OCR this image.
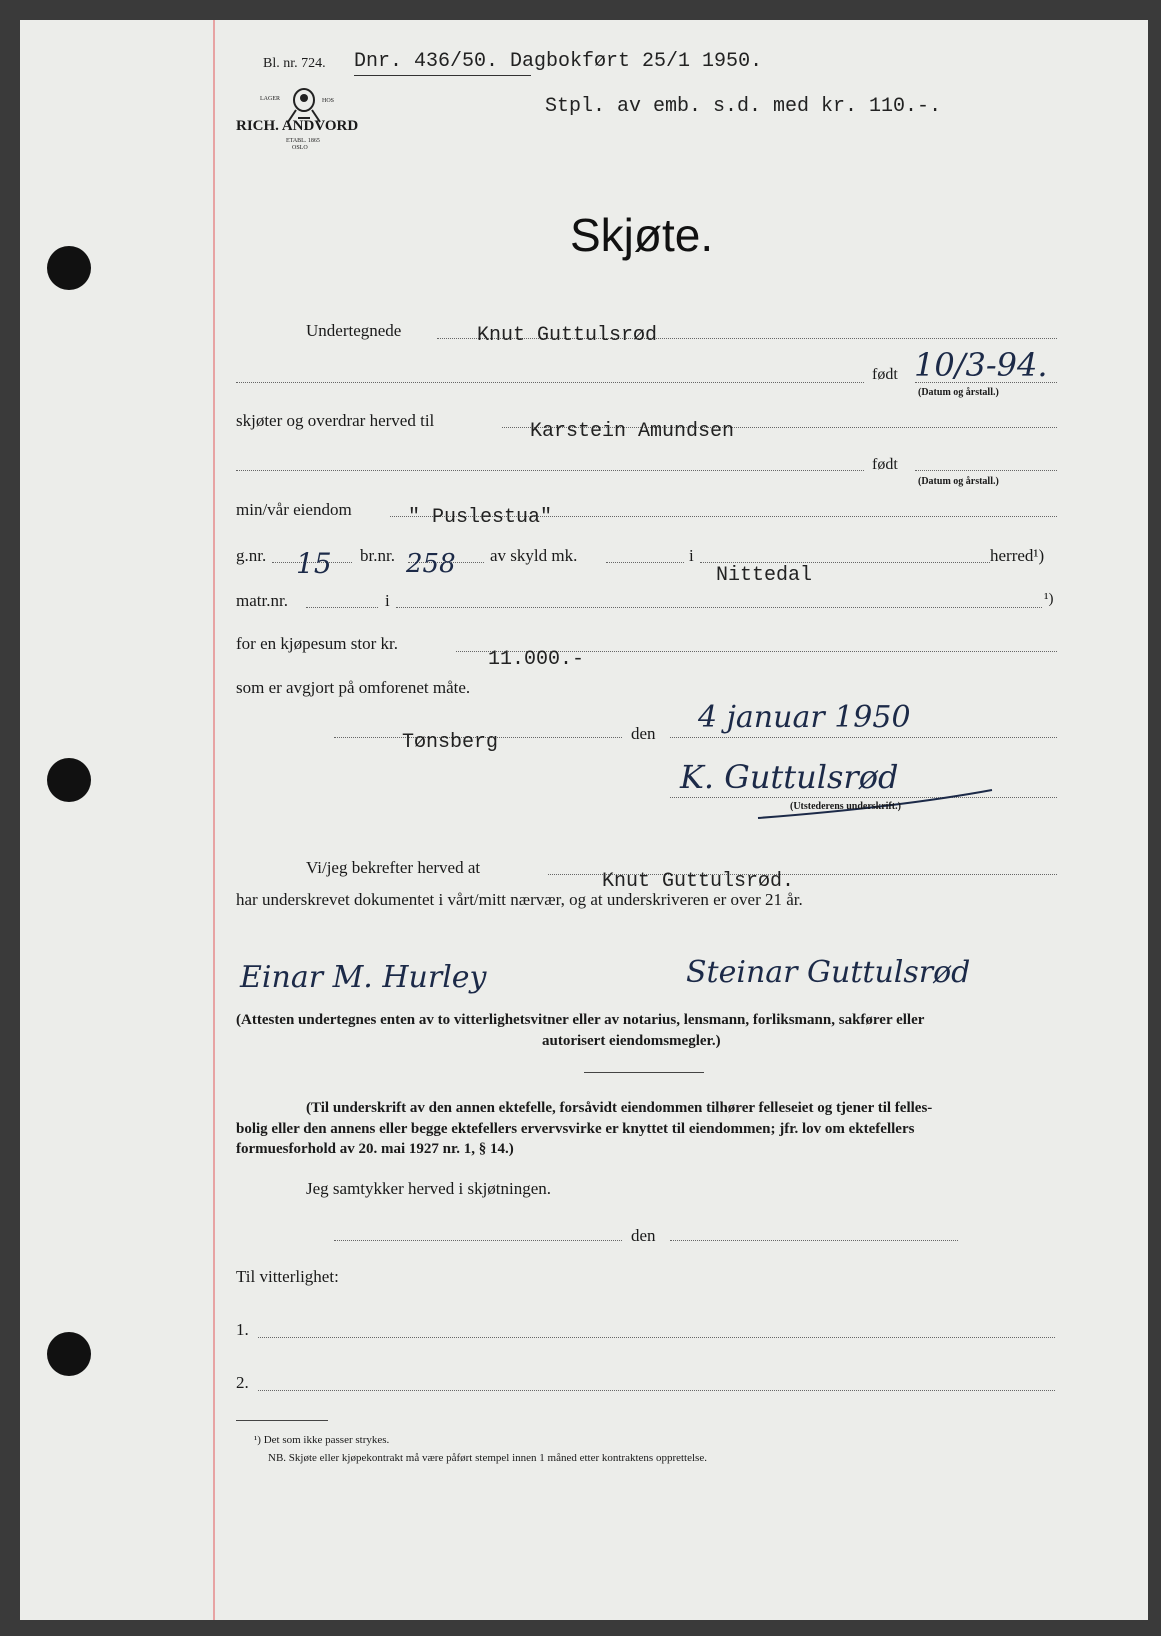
Bl. nr. 724.
LAGER	HOS
RICH. ANDVORD
ETABL. 1865
OSLO
Dnr. 436/50. Dagbokført 25/1 1950.
Stpl. av emb. s.d. med kr. 110.-.
Skjøte.
Undertegnede	Knut Guttulsrød
født 10/3-94.
(Datum og årstall.)
skjøter og overdrar herved til	Karstein Amundsen
født
(Datum og årstall.)
min/vår eiendom	" Puslestua"
g.nr. 15 br.nr. 258 av skyld mk.	i
Nittedal
herred¹)
matr.nr.	i	¹)
for en kjøpesum stor kr.
11.000.-
som er avgjort på omforenet måte.
Tønsberg	den 4 januar 1950
K. Guttulsrød
(Utstederens underskrift.)
Vi/jeg bekrefter herved at
Knut Guttulsrød.
har underskrevet dokumentet i vårt/mitt nærvær, og at underskriveren er over 21 år.
Einar M. Hurley	Steinar Guttulsrød
(Attesten undertegnes enten av to vitterlighetsvitner eller av notarius, lensmann, forliksmann, sakfører eller
autorisert eiendomsmegler.)
(Til underskrift av den annen ektefelle, forsåvidt eiendommen tilhører felleseiet og tjener til felles-
bolig eller den annens eller begge ektefellers ervervsvirke er knyttet til eiendommen; jfr. lov om ektefellers
formuesforhold av 20. mai 1927 nr. 1, § 14.)
Jeg samtykker herved i skjøtningen.
den
Til vitterlighet:
1.
2.
¹) Det som ikke passer strykes.
NB. Skjøte eller kjøpekontrakt må være påført stempel innen 1 måned etter kontraktens opprettelse.
